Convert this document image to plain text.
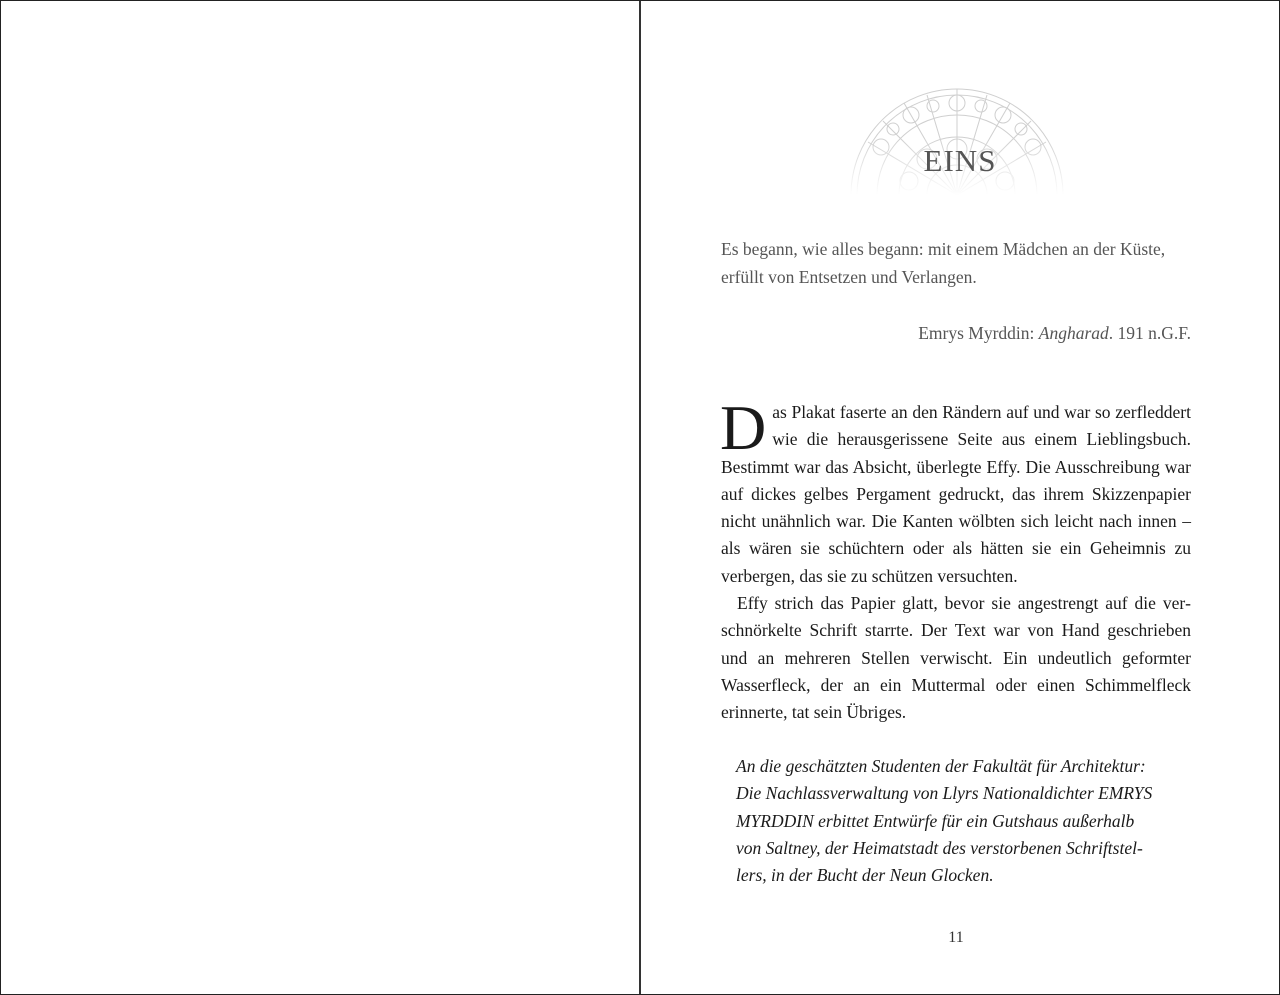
EINS
Es begann, wie alles begann: mit einem Mädchen an der Küste, erfüllt von Entsetzen und Verlangen.
Emrys Myrddin: Angharad. 191 n.G.F.

Das Plakat faserte an den Rändern auf und war so zerfleddert wie die herausgerissene Seite aus einem Lieblingsbuch. Bestimmt war das Absicht, überlegte Effy. Die Ausschreibung war auf dickes gelbes Pergament gedruckt, das ihrem Skizzenpapier nicht unähnlich war. Die Kanten wölbten sich leicht nach innen – als wären sie schüchtern oder als hätten sie ein Geheimnis zu verbergen, das sie zu schützen versuchten.

Effy strich das Papier glatt, bevor sie angestrengt auf die verschnörkelte Schrift starrte. Der Text war von Hand geschrieben und an mehreren Stellen verwischt. Ein undeutlich geformter Wasserfleck, der an ein Muttermal oder einen Schimmelfleck erinnerte, tat sein Übriges.

An die geschätzten Studenten der Fakultät für Architektur:
Die Nachlassverwaltung von Llyrs Nationaldichter EMRYS
MYRDDIN erbittet Entwürfe für ein Gutshaus außerhalb
von Saltney, der Heimatstadt des verstorbenen Schriftstel-
lers, in der Bucht der Neun Glocken.
11
